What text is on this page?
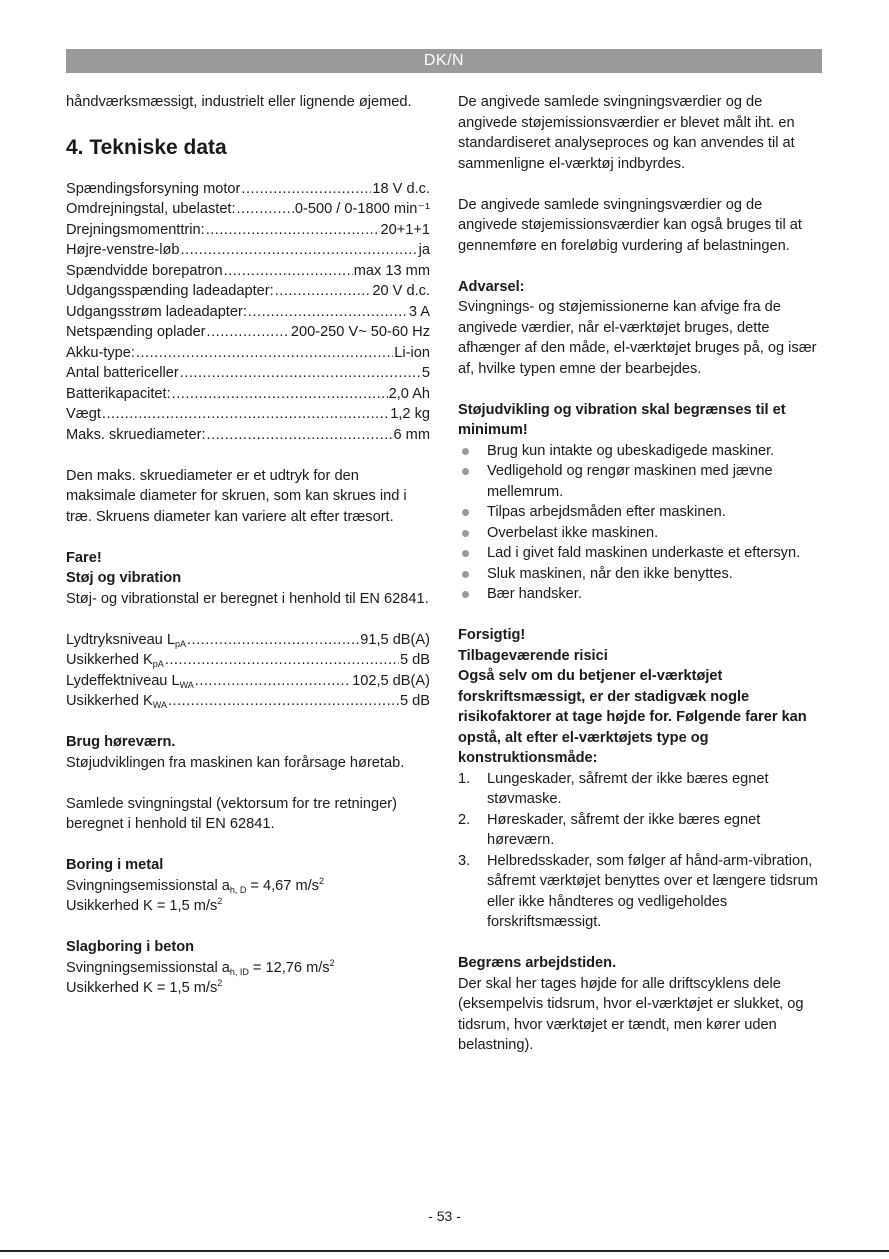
DK/N

håndværksmæssigt, industrielt eller lignende øjemed.

4. Tekniske data
Spændingsforsyning motor .....	18 V d.c.
Omdrejningstal, ubelastet: .....	0-500 / 0-1800 min⁻¹
Drejningsmomenttrin: .....	20+1+1
Højre-venstre-løb .....	ja
Spændvidde borepatron .....	max 13 mm
Udgangsspænding ladeadapter: .....	20 V d.c.
Udgangsstrøm ladeadapter: .....	3 A
Netspænding oplader .....	200-250 V~ 50-60 Hz
Akku-type: .....	Li-ion
Antal battericeller .....	5
Batterikapacitet: .....	2,0 Ah
Vægt .....	1,2 kg
Maks. skruediameter: .....	6 mm

Den maks. skruediameter er et udtryk for den maksimale diameter for skruen, som kan skrues ind i træ. Skruens diameter kan variere alt efter træsort.

Fare!

Støj og vibration

Støj- og vibrationstal er beregnet i henhold til EN 62841.

Lydtryksniveau $L_{pA}$ .....	91,5 dB(A)
Usikkerhed $K_{pA}$ .....	5 dB
Lydeffektniveau $L_{WA}$ .....	102,5 dB(A)
Usikkerhed $K_{WA}$ .....	5 dB

Brug høreværn.

Støjudviklingen fra maskinen kan forårsage høretab.

Samlede svingningstal (vektorsum for tre retninger) beregnet i henhold til EN 62841.

Boring i metal

Svingningsemissionstal $a_{h, D} = 4,67$ $m/s^2$

Usikkerhed K = 1,5 $m/s^2$

Slagboring i beton

Svingningsemissionstal $a_{h, ID} = 12,76$ $m/s^2$

Usikkerhed K = 1,5 $m/s^2$

De angivede samlede svingningsværdier og de angivede støjemissionsværdier er blevet målt iht. en standardiseret analyseproces og kan anvendes til at sammenligne el-værktøj indbyrdes.

De angivede samlede svingningsværdier og de angivede støjemissionsværdier kan også bruges til at gennemføre en foreløbig vurdering af belastningen.

Advarsel:

Svingnings- og støjemissionerne kan afvige fra de angivede værdier, når el-værktøjet bruges, dette afhænger af den måde, el-værktøjet bruges på, og især af, hvilke typen emne der bearbejdes.

Støjudvikling og vibration skal begrænses til et minimum!

Brug kun intakte og ubeskadigede maskiner.
Vedligehold og rengør maskinen med jævne mellemrum.
Tilpas arbejdsmåden efter maskinen.
Overbelast ikke maskinen.
Lad i givet fald maskinen underkaste et eftersyn.
Sluk maskinen, når den ikke benyttes.
Bær handsker.

Forsigtig!

Tilbageværende risici

Også selv om du betjener el-værktøjet forskriftsmæssigt, er der stadigvæk nogle risikofaktorer at tage højde for. Følgende farer kan opstå, alt efter el-værktøjets type og konstruktionsmåde:

1. Lungeskader, såfremt der ikke bæres egnet støvmaske.
2. Høreskader, såfremt der ikke bæres egnet høreværn.
3. Helbredsskader, som følger af hånd-arm-vibration, såfremt værktøjet benyttes over et længere tidsrum eller ikke håndteres og vedligeholdes forskriftsmæssigt.

Begræns arbejdstiden.

Der skal her tages højde for alle driftscyklens dele (eksempelvis tidsrum, hvor el-værktøjet er slukket, og tidsrum, hvor værktøjet er tændt, men kører uden belastning).

- 53 -
